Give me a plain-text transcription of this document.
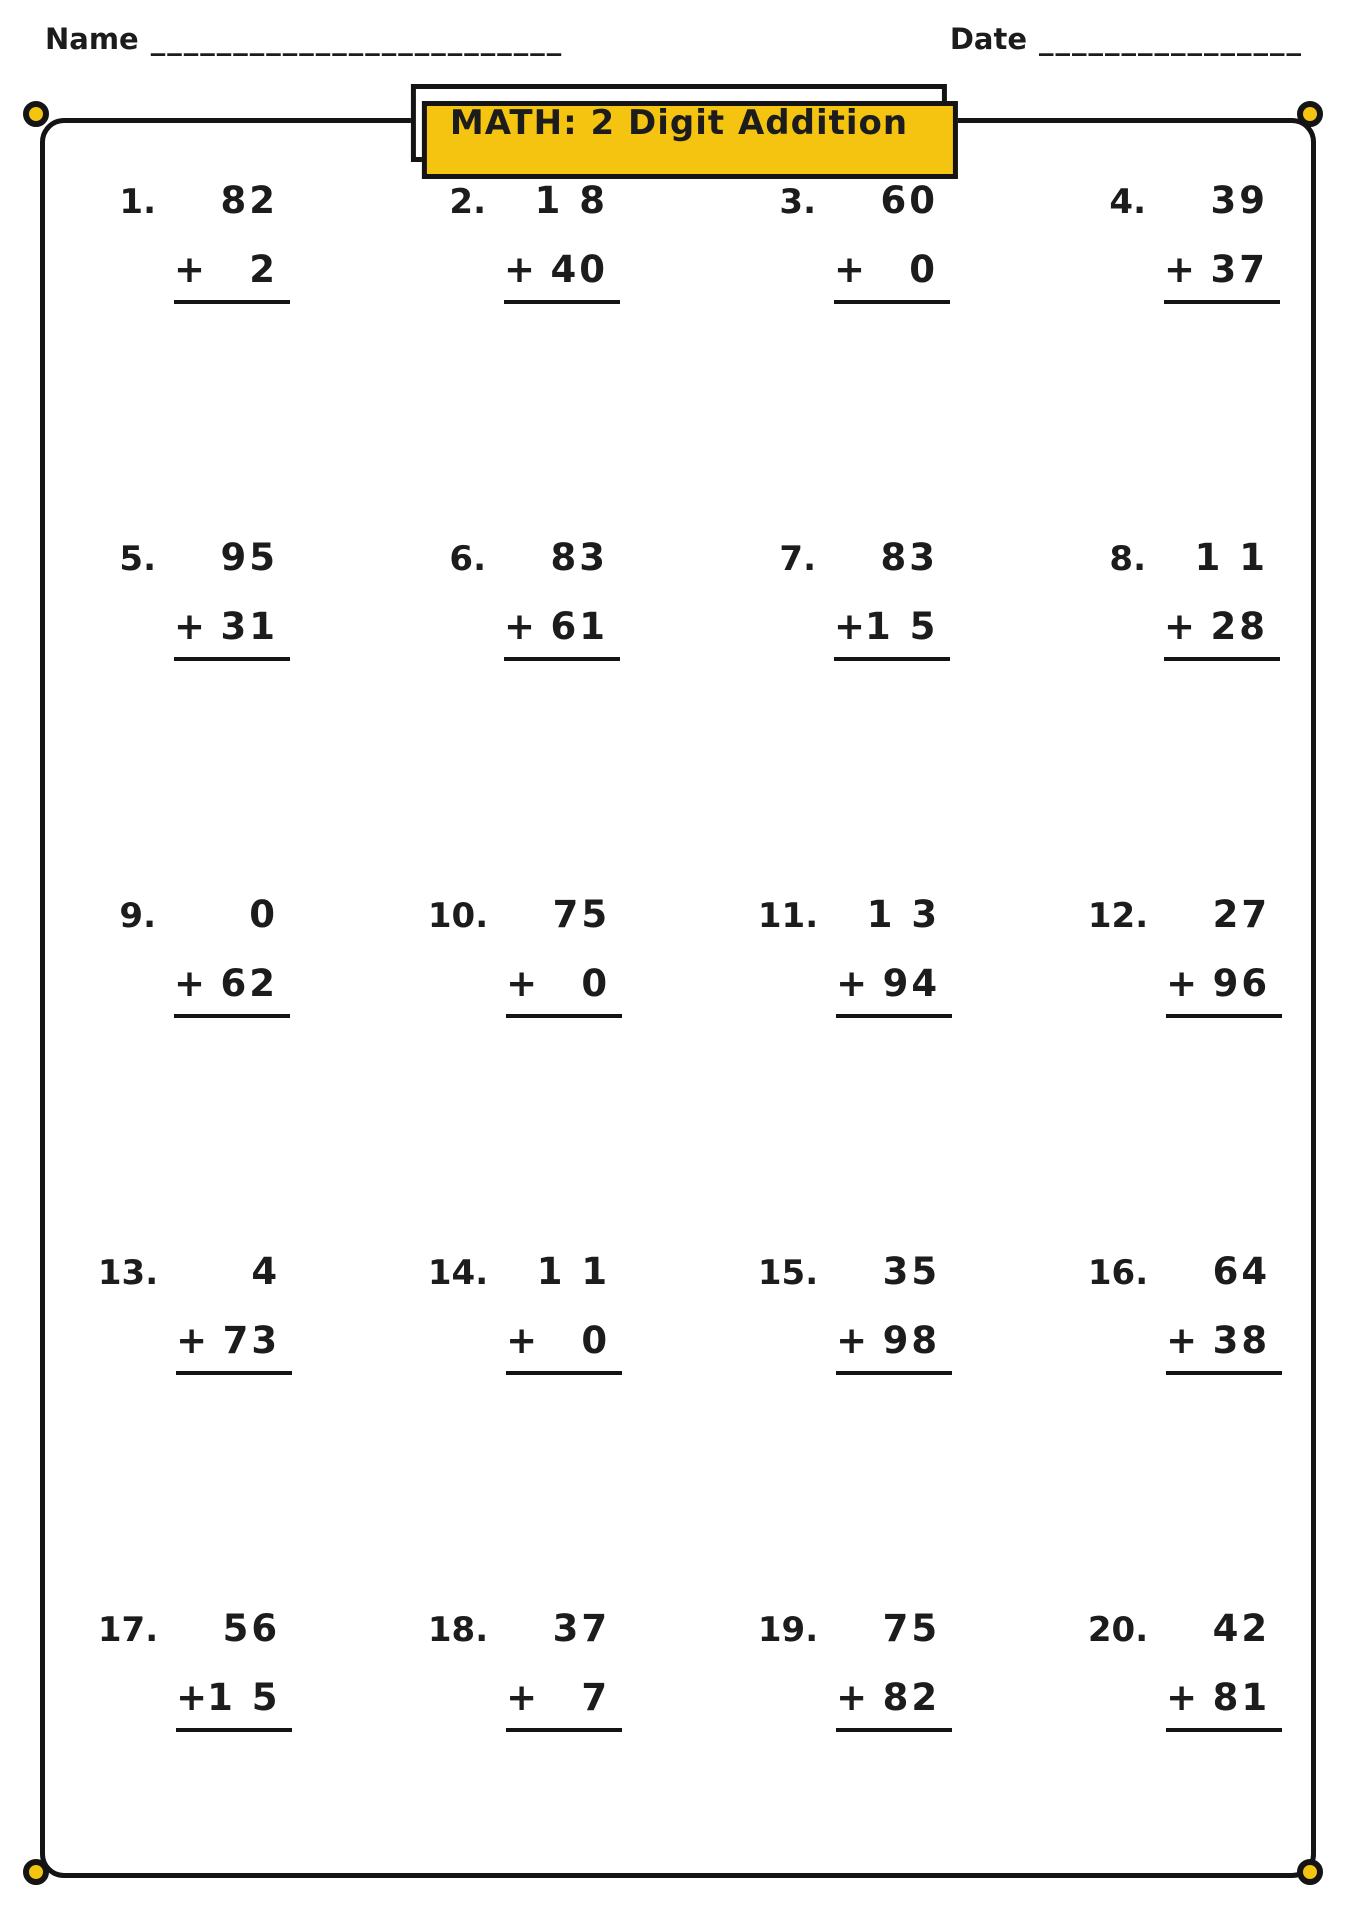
Name _________________________	Date ________________
MATH: 2 Digit Addition
1.	82
+ 2
2.	1 8
+ 40
3.	60
+ 0
4.	39
+ 37
5.	95
+ 31
6.	83
+ 61
7.	83
+ 1 5
8.	1 1
+ 28
9.	0
+ 62
10.	75
+ 0
11.	1 3
+ 94
12.	27
+ 96
13.	4
+ 73
14.	1 1
+ 0
15.	35
+ 98
16.	64
+ 38
17.	56
+ 1 5
18.	37
+ 7
19.	75
+ 82
20.	42
+ 81
